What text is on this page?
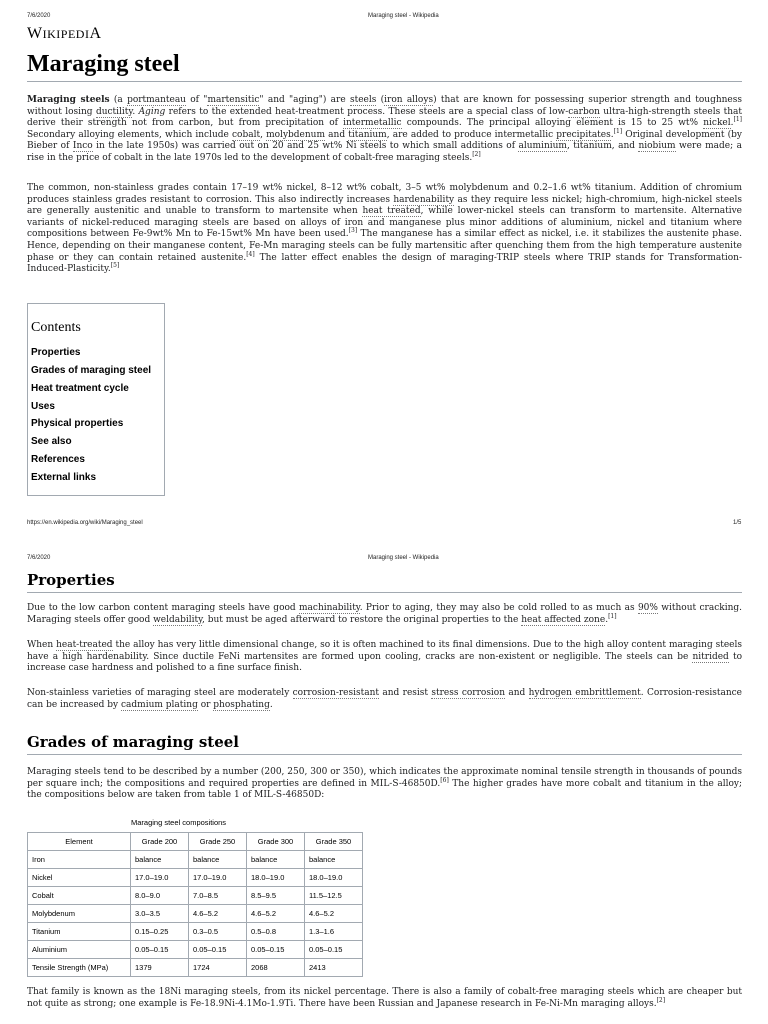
7/6/2020	Maraging steel - Wikipedia
WIKIPEDIA
Maraging steel

Maraging steels (a portmanteau of "martensitic" and "aging") are steels (iron alloys) that are known for possessing superior strength and toughness without losing ductility. Aging refers to the extended heat-treatment process. These steels are a special class of low-carbon ultra-high-strength steels that derive their strength not from carbon, but from precipitation of intermetallic compounds. The principal alloying element is 15 to 25 wt% nickel.[1] Secondary alloying elements, which include cobalt, molybdenum and titanium, are added to produce intermetallic precipitates.[1] Original development (by Bieber of Inco in the late 1950s) was carried out on 20 and 25 wt% Ni steels to which small additions of aluminium, titanium, and niobium were made; a rise in the price of cobalt in the late 1970s led to the development of cobalt-free maraging steels.[2]

The common, non-stainless grades contain 17–19 wt% nickel, 8–12 wt% cobalt, 3–5 wt% molybdenum and 0.2–1.6 wt% titanium. Addition of chromium produces stainless grades resistant to corrosion. This also indirectly increases hardenability as they require less nickel; high-chromium, high-nickel steels are generally austenitic and unable to transform to martensite when heat treated, while lower-nickel steels can transform to martensite. Alternative variants of nickel-reduced maraging steels are based on alloys of iron and manganese plus minor additions of aluminium, nickel and titanium where compositions between Fe-9wt% Mn to Fe-15wt% Mn have been used.[3] The manganese has a similar effect as nickel, i.e. it stabilizes the austenite phase. Hence, depending on their manganese content, Fe-Mn maraging steels can be fully martensitic after quenching them from the high temperature austenite phase or they can contain retained austenite.[4] The latter effect enables the design of maraging-TRIP steels where TRIP stands for Transformation-Induced-Plasticity.[5]

Contents
Properties
Grades of maraging steel
Heat treatment cycle
Uses
Physical properties
See also
References
External links
https://en.wikipedia.org/wiki/Maraging_steel	1/5
7/6/2020	Maraging steel - Wikipedia
Properties

Due to the low carbon content maraging steels have good machinability. Prior to aging, they may also be cold rolled to as much as 90% without cracking. Maraging steels offer good weldability, but must be aged afterward to restore the original properties to the heat affected zone.[1]

When heat-treated the alloy has very little dimensional change, so it is often machined to its final dimensions. Due to the high alloy content maraging steels have a high hardenability. Since ductile FeNi martensites are formed upon cooling, cracks are non-existent or negligible. The steels can be nitrided to increase case hardness and polished to a fine surface finish.

Non-stainless varieties of maraging steel are moderately corrosion-resistant and resist stress corrosion and hydrogen embrittlement. Corrosion-resistance can be increased by cadmium plating or phosphating.

Grades of maraging steel

Maraging steels tend to be described by a number (200, 250, 300 or 350), which indicates the approximate nominal tensile strength in thousands of pounds per square inch; the compositions and required properties are defined in MIL-S-46850D.[6] The higher grades have more cobalt and titanium in the alloy; the compositions below are taken from table 1 of MIL-S-46850D:

Maraging steel compositions
Element	Grade 200	Grade 250	Grade 300	Grade 350
Iron	balance	balance	balance	balance
Nickel	17.0–19.0	17.0–19.0	18.0–19.0	18.0–19.0
Cobalt	8.0–9.0	7.0–8.5	8.5–9.5	11.5–12.5
Molybdenum	3.0–3.5	4.6–5.2	4.6–5.2	4.6–5.2
Titanium	0.15–0.25	0.3–0.5	0.5–0.8	1.3–1.6
Aluminium	0.05–0.15	0.05–0.15	0.05–0.15	0.05–0.15
Tensile Strength (MPa)	1379	1724	2068	2413

That family is known as the 18Ni maraging steels, from its nickel percentage. There is also a family of cobalt-free maraging steels which are cheaper but not quite as strong; one example is Fe-18.9Ni-4.1Mo-1.9Ti. There have been Russian and Japanese research in Fe-Ni-Mn maraging alloys.[2]
